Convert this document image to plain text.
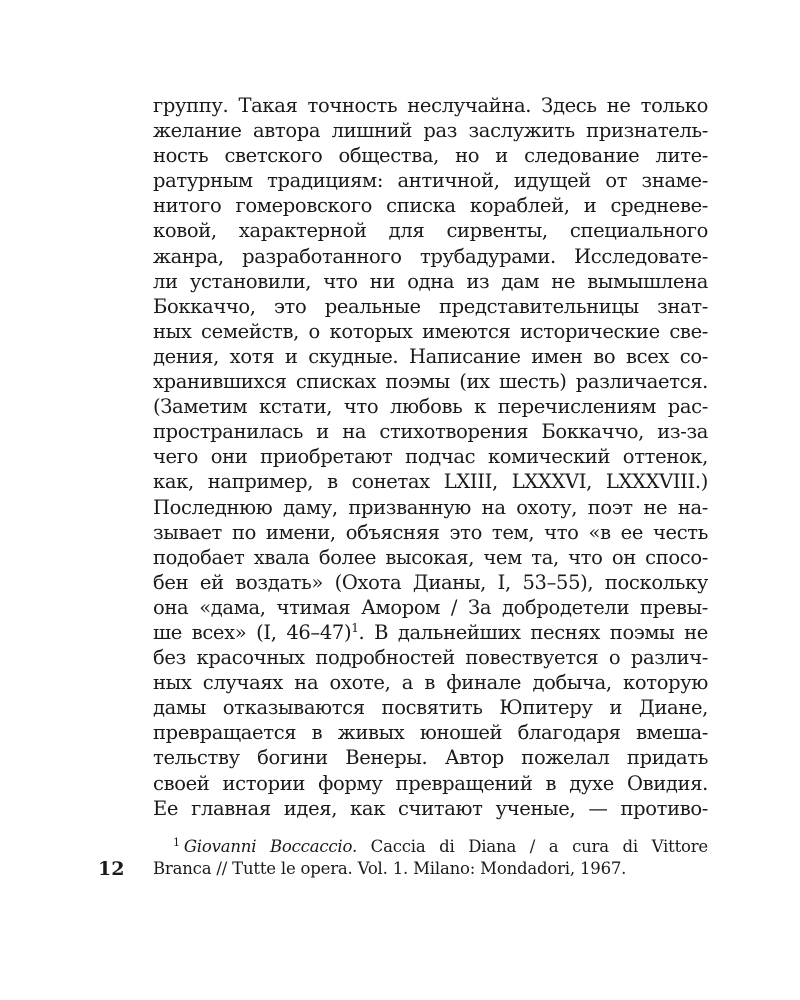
группу. Такая точность неслучайна. Здесь не только
желание автора лишний раз заслужить признатель-
ность светского общества, но и следование лите-
ратурным традициям: античной, идущей от знаме-
нитого гомеровского списка кораблей, и средневе-
ковой, характерной для сирвенты, специального
жанра, разработанного трубадурами. Исследовате-
ли установили, что ни одна из дам не вымышлена
Боккаччо, это реальные представительницы знат-
ных семейств, о которых имеются исторические све-
дения, хотя и скудные. Написание имен во всех со-
хранившихся списках поэмы (их шесть) различается.
(Заметим кстати, что любовь к перечислениям рас-
пространилась и на стихотворения Боккаччо, из-за
чего они приобретают подчас комический оттенок,
как, например, в сонетах LXIII, LXXXVI, LXXXVIII.)
Последнюю даму, призванную на охоту, поэт не на-
зывает по имени, объясняя это тем, что «в ее честь
подобает хвала более высокая, чем та, что он спосо-
бен ей воздать» (Охота Дианы, I, 53–55), поскольку
она «дама, чтимая Амором / За добродетели превы-
ше всех» (I, 46–47)$^1$. В дальнейших песнях поэмы не
без красочных подробностей повествуется о различ-
ных случаях на охоте, а в финале добыча, которую
дамы отказываются посвятить Юпитеру и Диане,
превращается в живых юношей благодаря вмеша-
тельству богини Венеры. Автор пожелал придать
своей истории форму превращений в духе Овидия.
Ее главная идея, как считают ученые, — противо-
$^1$ Giovanni Boccaccio. Caccia di Diana / a cura di Vittore
Branca // Tutte le opera. Vol. 1. Milano: Mondadori, 1967.
12
